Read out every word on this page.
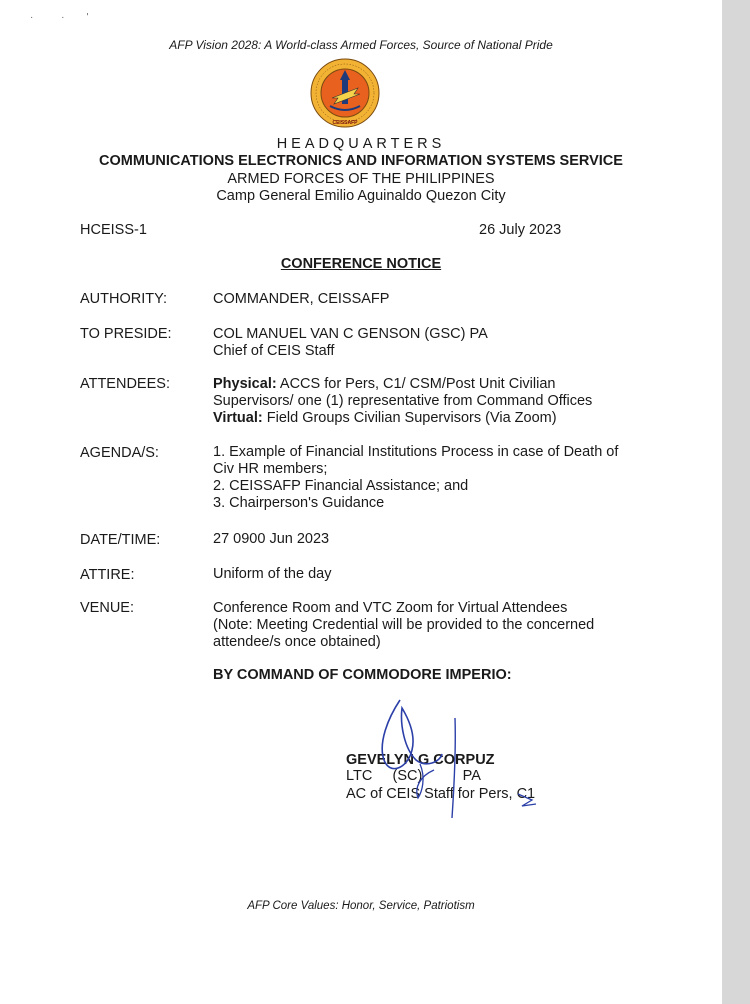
·          ·        '
AFP Vision 2028: A World-class Armed Forces, Source of National Pride
CEISSAFP
HEADQUARTERS
COMMUNICATIONS ELECTRONICS AND INFORMATION SYSTEMS SERVICE
ARMED FORCES OF THE PHILIPPINES
Camp General Emilio Aguinaldo Quezon City
HCEISS-1	26 July 2023
CONFERENCE NOTICE
AUTHORITY:	COMMANDER, CEISSAFP
TO PRESIDE:	COL MANUEL VAN C GENSON (GSC) PA
Chief of CEIS Staff
ATTENDEES:	Physical: ACCS for Pers, C1/ CSM/Post Unit Civilian
Supervisors/ one (1) representative from Command Offices
Virtual: Field Groups Civilian Supervisors (Via Zoom)
AGENDA/S:	1. Example of Financial Institutions Process in case of Death of
Civ HR members;
2. CEISSAFP Financial Assistance; and
3. Chairperson's Guidance
DATE/TIME:	27 0900 Jun 2023
ATTIRE:	Uniform of the day
VENUE:	Conference Room and VTC Zoom for Virtual Attendees
(Note: Meeting Credential will be provided to the concerned
attendee/s once obtained)
BY COMMAND OF COMMODORE IMPERIO:
GEVELYN G CORPUZ
LTC (SC)	PA
AC of CEIS Staff for Pers, C1
AFP Core Values: Honor, Service, Patriotism
